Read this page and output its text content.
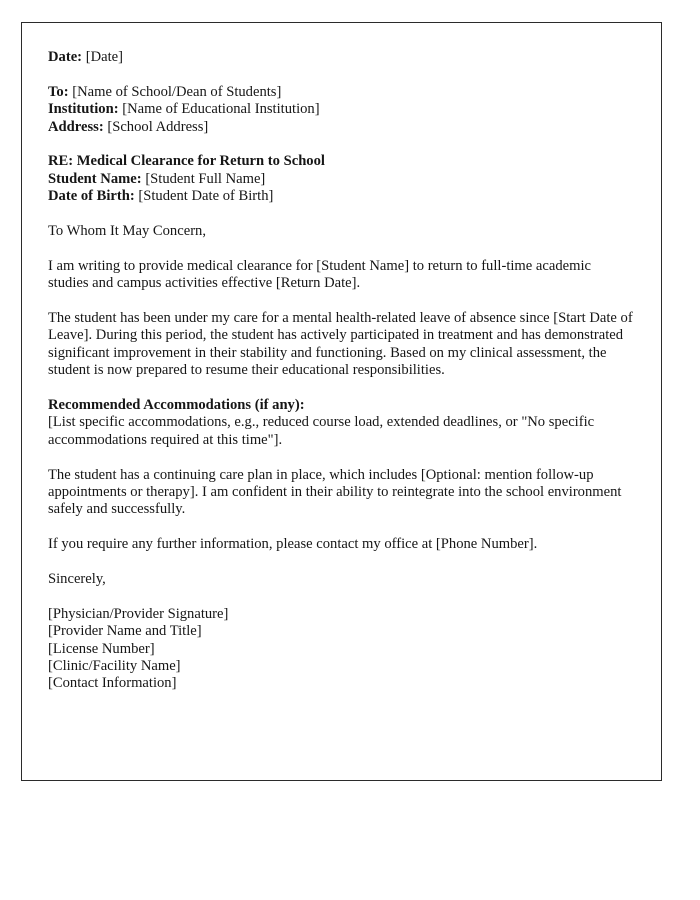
Date: [Date]

To: [Name of School/Dean of Students]
Institution: [Name of Educational Institution]
Address: [School Address]

RE: Medical Clearance for Return to School
Student Name: [Student Full Name]
Date of Birth: [Student Date of Birth]

To Whom It May Concern,

I am writing to provide medical clearance for [Student Name] to return to full-time academic studies and campus activities effective [Return Date].

The student has been under my care for a mental health-related leave of absence since [Start Date of Leave]. During this period, the student has actively participated in treatment and has demonstrated significant improvement in their stability and functioning. Based on my clinical assessment, the student is now prepared to resume their educational responsibilities.

Recommended Accommodations (if any):

[List specific accommodations, e.g., reduced course load, extended deadlines, or "No specific accommodations required at this time"].

The student has a continuing care plan in place, which includes [Optional: mention follow-up appointments or therapy]. I am confident in their ability to reintegrate into the school environment safely and successfully.

If you require any further information, please contact my office at [Phone Number].

Sincerely,

[Physician/Provider Signature]
[Provider Name and Title]
[License Number]
[Clinic/Facility Name]
[Contact Information]
